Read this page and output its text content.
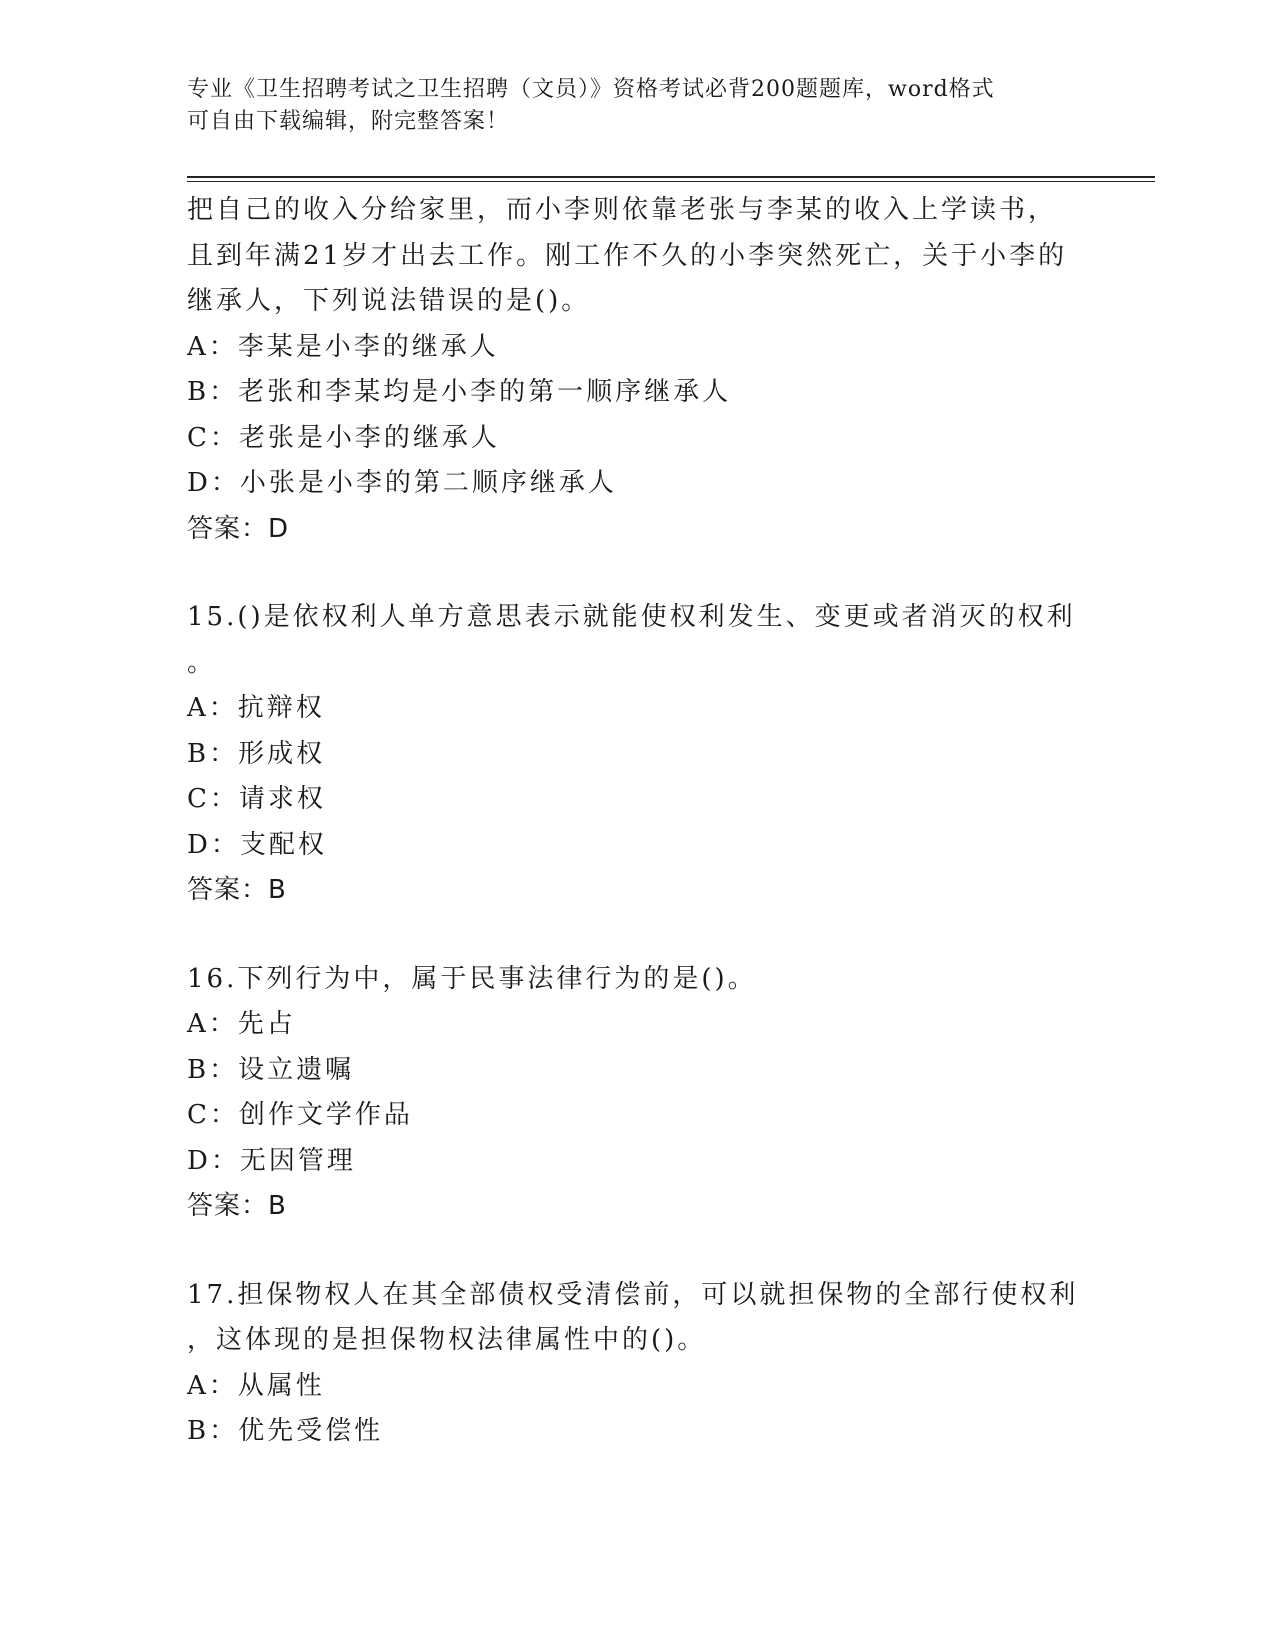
专业《卫生招聘考试之卫生招聘（文员）》资格考试必背200题题库，word格式
可自由下载编辑，附完整答案！
把自己的收入分给家里，而小李则依靠老张与李某的收入上学读书，
且到年满21岁才出去工作。刚工作不久的小李突然死亡，关于小李的
继承人，下列说法错误的是()。
A：李某是小李的继承人
B：老张和李某均是小李的第一顺序继承人
C：老张是小李的继承人
D：小张是小李的第二顺序继承人
答案：D
15.()是依权利人单方意思表示就能使权利发生、变更或者消灭的权利
。
A：抗辩权
B：形成权
C：请求权
D：支配权
答案：B
16.下列行为中，属于民事法律行为的是()。
A：先占
B：设立遗嘱
C：创作文学作品
D：无因管理
答案：B
17.担保物权人在其全部债权受清偿前，可以就担保物的全部行使权利
，这体现的是担保物权法律属性中的()。
A：从属性
B：优先受偿性
